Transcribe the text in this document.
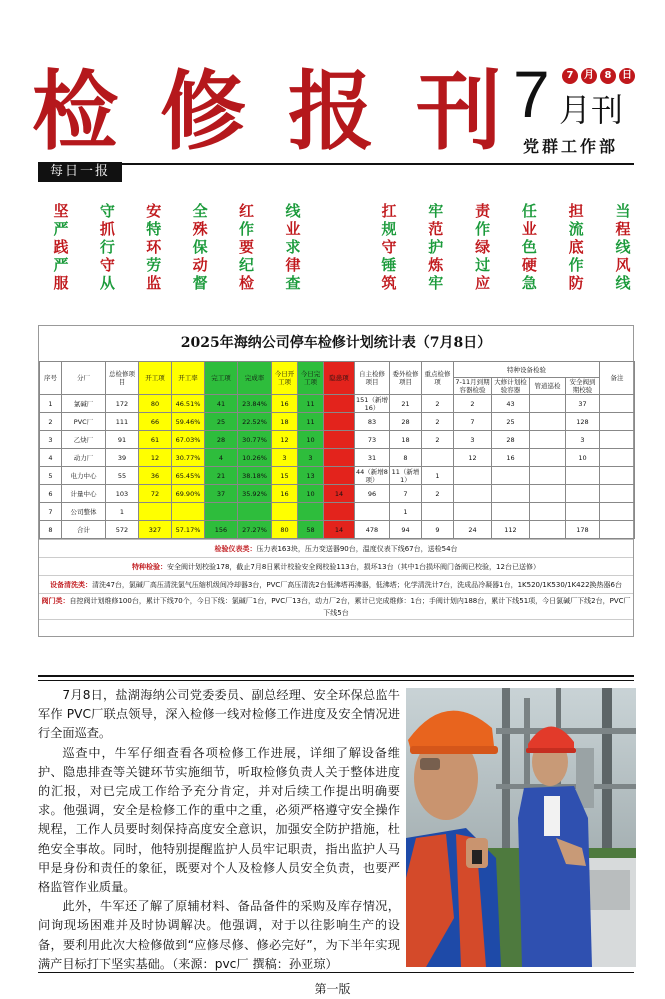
检 修 报 刊 7	7	月	8	日
月刊
党群工作部
每日一报
坚 守 安 全 红 线
严 抓 特 殊 作 业
践 行 环 保 要 求
严 守 劳 动 纪 律
服 从 监 督 检 查
扛 牢 责 任 担 当
规 范 作 业 流 程
守 护 绿 色 底 线
锤 炼 过 硬 作 风
筑 牢 应 急 防 线
2025年海纳公司停车检修计划统计表（7月8日）
序号	分厂	总检修项目	开工项	开工率	完工项	完成率	今日开工项	今日完工项	隐患项	自主检修项目	委外检修项目	重点检修项	特种设备检验				备注
													7-11月到期容器检验	大修计划检验容器	管道巡检	安全阀到期校验	
1	氯碱厂	172	80	46.51%	41	23.84%	16	11		151（新增16）	21	2	2	43		37	
2	PVC厂	111	66	59.46%	25	22.52%	18	11		83	28	2	7	25		128	
3	乙炔厂	91	61	67.03%	28	30.77%	12	10		73	18	2	3	28		3	
4	动力厂	39	12	30.77%	4	10.26%	3	3		31	8		12	16		10	
5	电力中心	55	36	65.45%	21	38.18%	15	13		44（新增8项）	11（新增1）	1					
6	计量中心	103	72	69.90%	37	35.92%	16	10	14	96	7	2					
7	公司整体	1									1						
8	合计	572	327	57.17%	156	27.27%	80	58	14	478	94	9	24	112		178	
检验仪表类：压力表163块，压力变送器90台，温度仪表下线67台，送检54台
特种检验：安全阀计划校验178，截止7月8日累计校验安全阀校验113台，损坏13台（其中1台损坏阀门备阀已校验，12台已送修）
设备清洗类：清洗47台，氯碱厂高压清洗氯气压缩机级间冷却器3台，PVC厂高压清洗2台低沸塔再沸器，低沸塔；化学清洗计7台，洗成品冷凝器1台，1K520/1K530/1K422换热器6台
阀门类：自控阀计划维修100台，累计下线70个，今日下线：氯碱厂1台，PVC厂13台，动力厂2台，累计已完成维修：1台；手阀计划内188台，累计下线51项，今日氯碱厂下线2台，PVC厂下线5台

7月8日，盐湖海纳公司党委委员、副总经理、安全环保总监牛军作 PVC厂联点领导，深入检修一线对检修工作进度及安全情况进行全面巡查。

巡查中，牛军仔细查看各项检修工作进展，详细了解设备维护、隐患排查等关键环节实施细节，听取检修负责人关于整体进度的汇报，对已完成工作给予充分肯定，并对后续工作提出明确要求。他强调，安全是检修工作的重中之重，必须严格遵守安全操作规程，工作人员要时刻保持高度安全意识，加强安全防护措施，杜绝安全事故。同时，他特别提醒监护人员牢记职责，指出监护人马甲是身份和责任的象征，既要对个人及检修人员安全负责，也要严格监管作业质量。

此外，牛军还了解了原辅材料、备品备件的采购及库存情况，问询现场困难并及时协调解决。他强调，对于以往影响生产的设备，要利用此次大检修做到“应修尽修、修必完好”，为下半年实现满产目标打下坚实基础。（来源：pvc厂 撰稿：孙亚琼）

第一版
